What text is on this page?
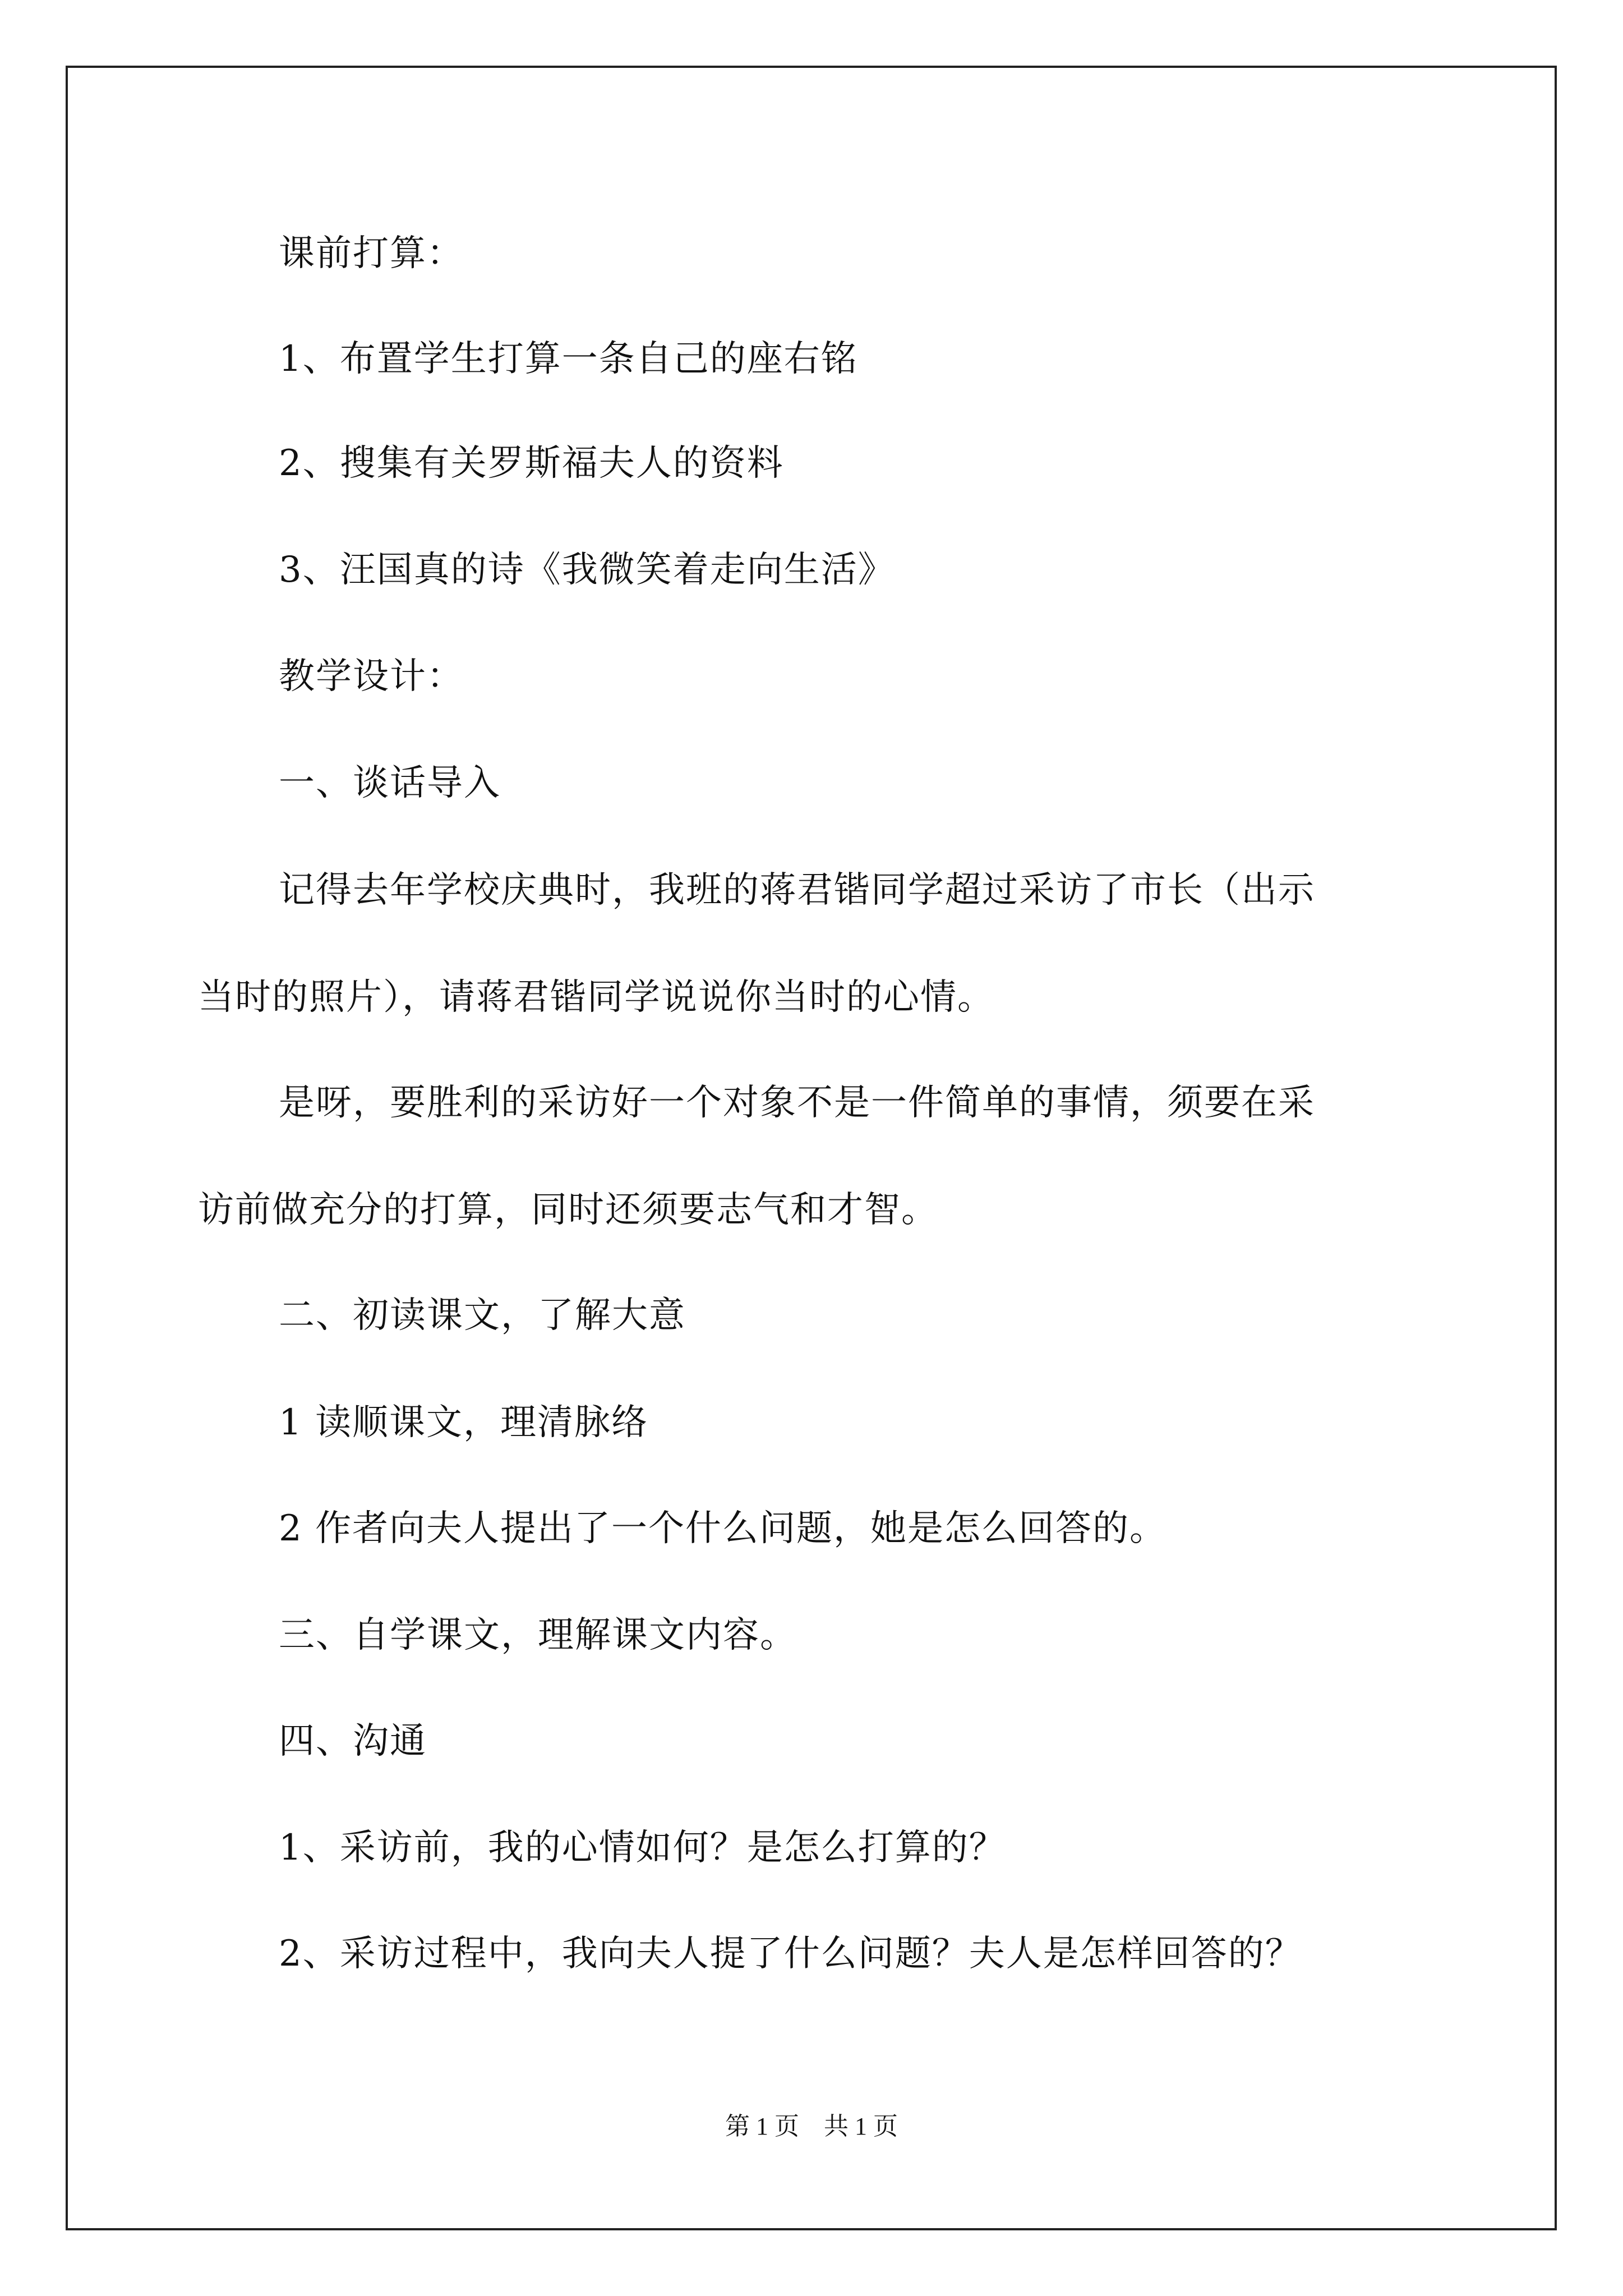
课前打算：
1、布置学生打算一条自己的座右铭
2、搜集有关罗斯福夫人的资料
3、汪国真的诗《我微笑着走向生活》
教学设计：
一、谈话导入
记得去年学校庆典时，我班的蒋君锴同学超过采访了市长（出示
当时的照片），请蒋君锴同学说说你当时的心情。
是呀，要胜利的采访好一个对象不是一件简单的事情，须要在采
访前做充分的打算，同时还须要志气和才智。
二、初读课文，了解大意
1 读顺课文，理清脉络
2 作者向夫人提出了一个什么问题，她是怎么回答的。
三、自学课文，理解课文内容。
四、沟通
1、采访前，我的心情如何？是怎么打算的？
2、采访过程中，我向夫人提了什么问题？夫人是怎样回答的？
第 1 页　共 1 页
